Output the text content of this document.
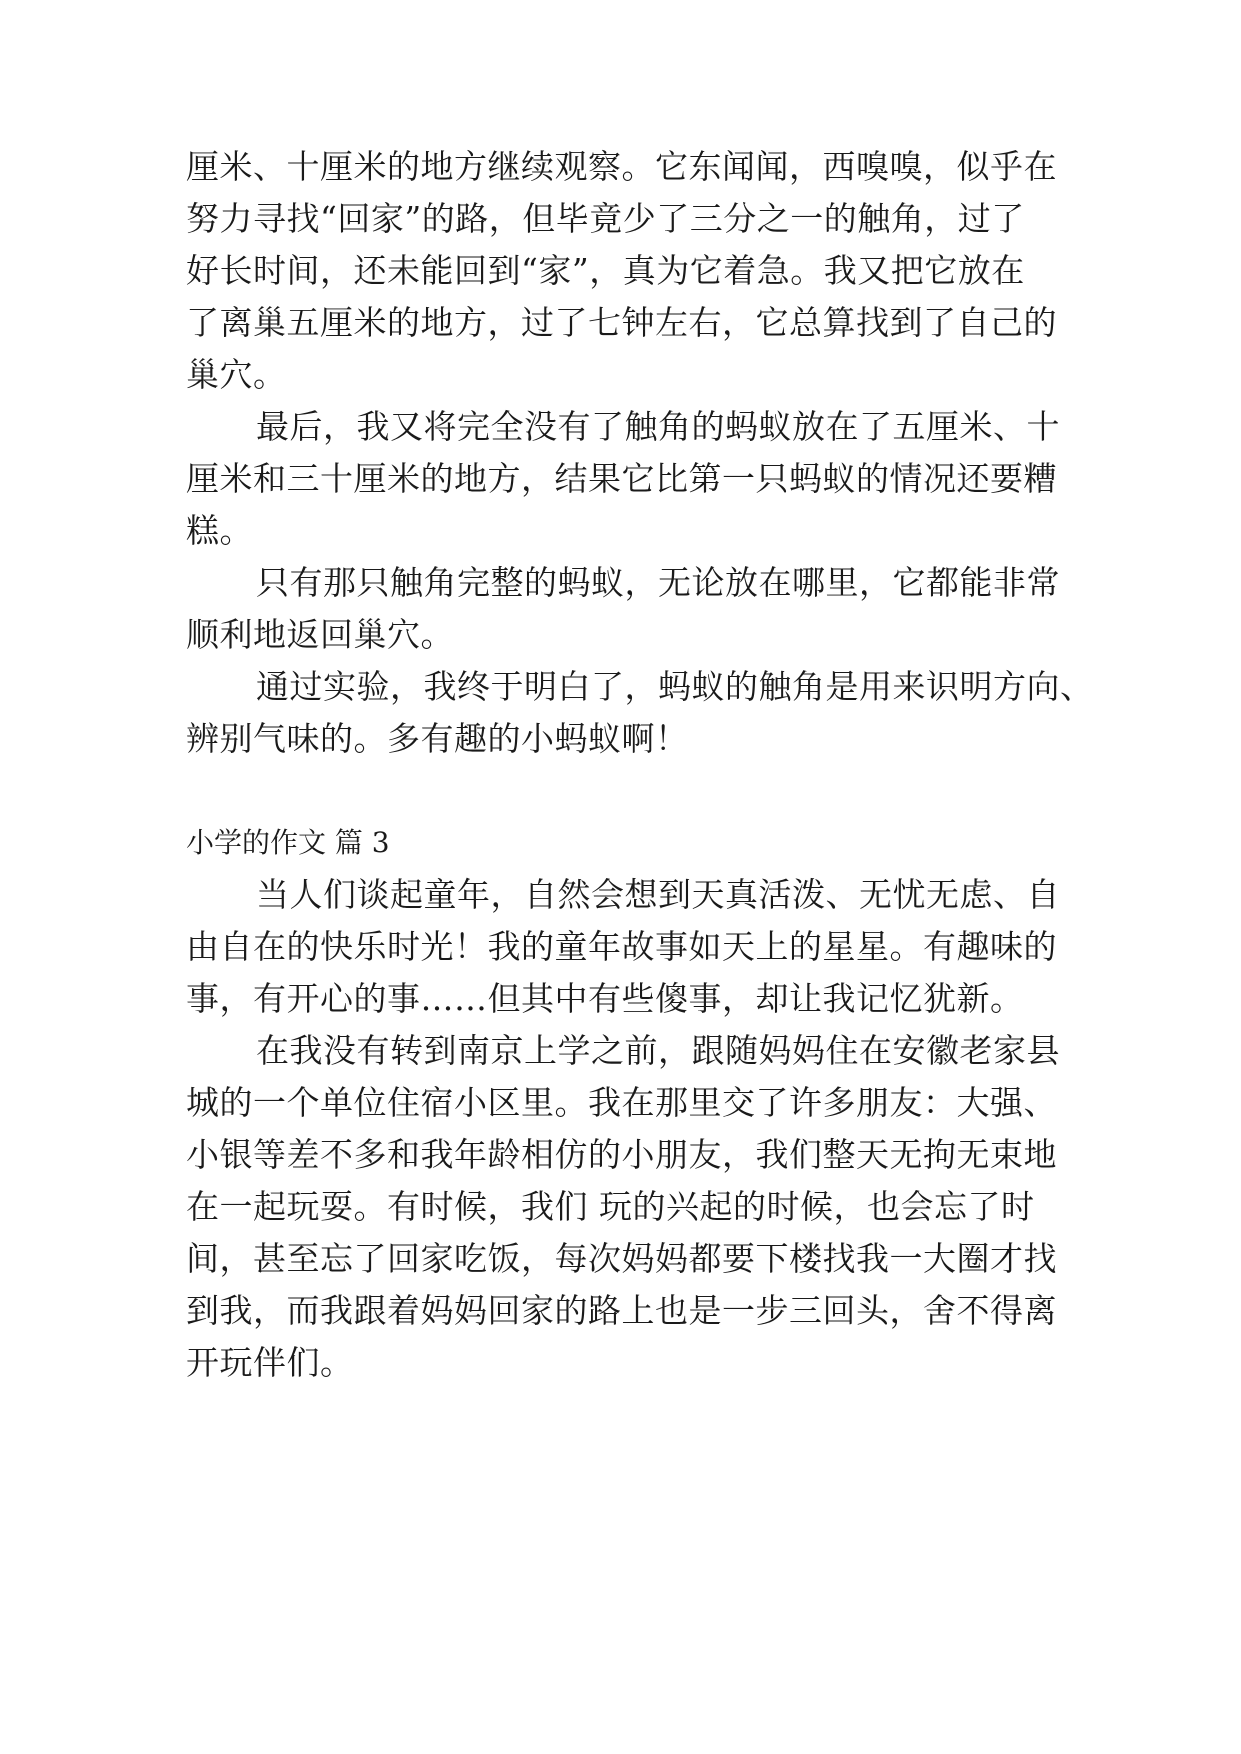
厘米、十厘米的地方继续观察。它东闻闻，西嗅嗅，似乎在
努力寻找“回家”的路，但毕竟少了三分之一的触角，过了
好长时间，还未能回到“家”，真为它着急。我又把它放在
了离巢五厘米的地方，过了七钟左右，它总算找到了自己的
巢穴。
最后，我又将完全没有了触角的蚂蚁放在了五厘米、十
厘米和三十厘米的地方，结果它比第一只蚂蚁的情况还要糟
糕。
只有那只触角完整的蚂蚁，无论放在哪里，它都能非常
顺利地返回巢穴。
通过实验，我终于明白了，蚂蚁的触角是用来识明方向、
辨别气味的。多有趣的小蚂蚁啊！
小学的作文 篇 3
当人们谈起童年，自然会想到天真活泼、无忧无虑、自
由自在的快乐时光！我的童年故事如天上的星星。有趣味的
事，有开心的事……但其中有些傻事，却让我记忆犹新。
在我没有转到南京上学之前，跟随妈妈住在安徽老家县
城的一个单位住宿小区里。我在那里交了许多朋友：大强、
小银等差不多和我年龄相仿的小朋友，我们整天无拘无束地
在一起玩耍。有时候，我们 玩的兴起的时候，也会忘了时
间，甚至忘了回家吃饭，每次妈妈都要下楼找我一大圈才找
到我，而我跟着妈妈回家的路上也是一步三回头，舍不得离
开玩伴们。
